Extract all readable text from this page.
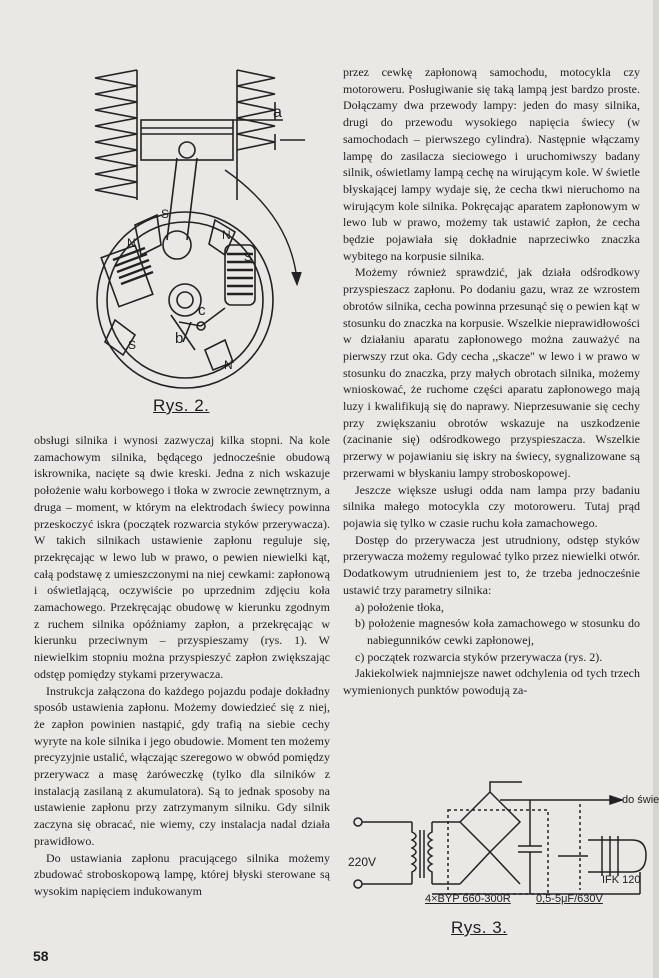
a
S
N
N
S
c
b
S
N
Rys. 2.

obsługi silnika i wynosi zazwyczaj kilka stopni. Na kole zamachowym silnika, będącego jednocześnie obudową iskrownika, nacięte są dwie kreski. Jedna z nich wskazuje położenie wału korbowego i tłoka w zwrocie zewnętrznym, a druga – moment, w którym na elektrodach świecy powinna przeskoczyć iskra (początek rozwarcia styków przerywacza). W takich silnikach ustawienie zapłonu reguluje się, przekręcając w lewo lub w prawo, o pewien niewielki kąt, całą podstawę z umieszczonymi na niej cewkami: zapłonową i oświetlającą, oczywiście po uprzednim zdjęciu koła zamachowego. Przekręcając obudowę w kierunku zgodnym z ruchem silnika opóźniamy zapłon, a przekręcając w kierunku przeciwnym – przyspieszamy (rys. 1). W niewielkim stopniu można przyspieszyć zapłon zwiększając odstęp pomiędzy stykami przerywacza.

Instrukcja załączona do każdego pojazdu podaje dokładny sposób ustawienia zapłonu. Możemy dowiedzieć się z niej, że zapłon powinien nastąpić, gdy trafią na siebie cechy wyryte na kole silnika i jego obudowie. Moment ten możemy precyzyjnie ustalić, włączając szeregowo w obwód pomiędzy przerywacz a masę żaróweczkę (tylko dla silników z instalacją zasilaną z akumulatora). Są to jednak sposoby na ustawienie zapłonu przy zatrzymanym silniku. Gdy silnik zaczyna się obracać, nie wiemy, czy instalacja nadal działa prawidłowo.

Do ustawiania zapłonu pracującego silnika możemy zbudować stroboskopową lampę, której błyski sterowane są wysokim napięciem indukowanym

przez cewkę zapłonową samochodu, motocykla czy motoroweru. Posługiwanie się taką lampą jest bardzo proste. Dołączamy dwa przewody lampy: jeden do masy silnika, drugi do przewodu wysokiego napięcia świecy (w samochodach – pierwszego cylindra). Następnie włączamy lampę do zasilacza sieciowego i uruchomiwszy badany silnik, oświetlamy lampą cechę na wirującym kole. W świetle błyskającej lampy wydaje się, że cecha tkwi nieruchomo na wirującym kole silnika. Pokręcając aparatem zapłonowym w lewo lub w prawo, możemy tak ustawić zapłon, że cecha będzie pojawiała się dokładnie naprzeciwko znaczka wybitego na korpusie silnika.

Możemy również sprawdzić, jak działa odśrodkowy przyspieszacz zapłonu. Po dodaniu gazu, wraz ze wzrostem obrotów silnika, cecha powinna przesunąć się o pewien kąt w stosunku do znaczka na korpusie. Wszelkie nieprawidłowości w działaniu aparatu zapłonowego można zauważyć na pierwszy rzut oka. Gdy cecha ,,skacze'' w lewo i w prawo w stosunku do znaczka, przy małych obrotach silnika, możemy wnioskować, że ruchome części aparatu zapłonowego mają luzy i kwalifikują się do naprawy. Nieprzesuwanie się cechy przy zwiększaniu obrotów wskazuje na uszkodzenie (zacinanie się) odśrodkowego przyspieszacza. Wszelkie przerwy w pojawianiu się iskry na świecy, sygnalizowane są przerwami w błyskaniu lampy stroboskopowej.

Jeszcze większe usługi odda nam lampa przy badaniu silnika małego motocykla czy motoroweru. Tutaj prąd pojawia się tylko w czasie ruchu koła zamachowego.

Dostęp do przerywacza jest utrudniony, odstęp styków przerywacza możemy regulować tylko przez niewielki otwór. Dodatkowym utrudnieniem jest to, że trzeba jednocześnie ustawić trzy parametry silnika:

a) położenie tłoka,
b) położenie magnesów koła zamachowego w stosunku do nabiegunników cewki zapłonowej,
c) początek rozwarcia styków przerywacza (rys. 2).

Jakiekolwiek najmniejsze nawet odchylenia od tych trzech wymienionych punktów powodują za-

220V
do świe
4×BYP 660-300R 0,5-5μF/630V
IFK 120
Rys. 3.
58
